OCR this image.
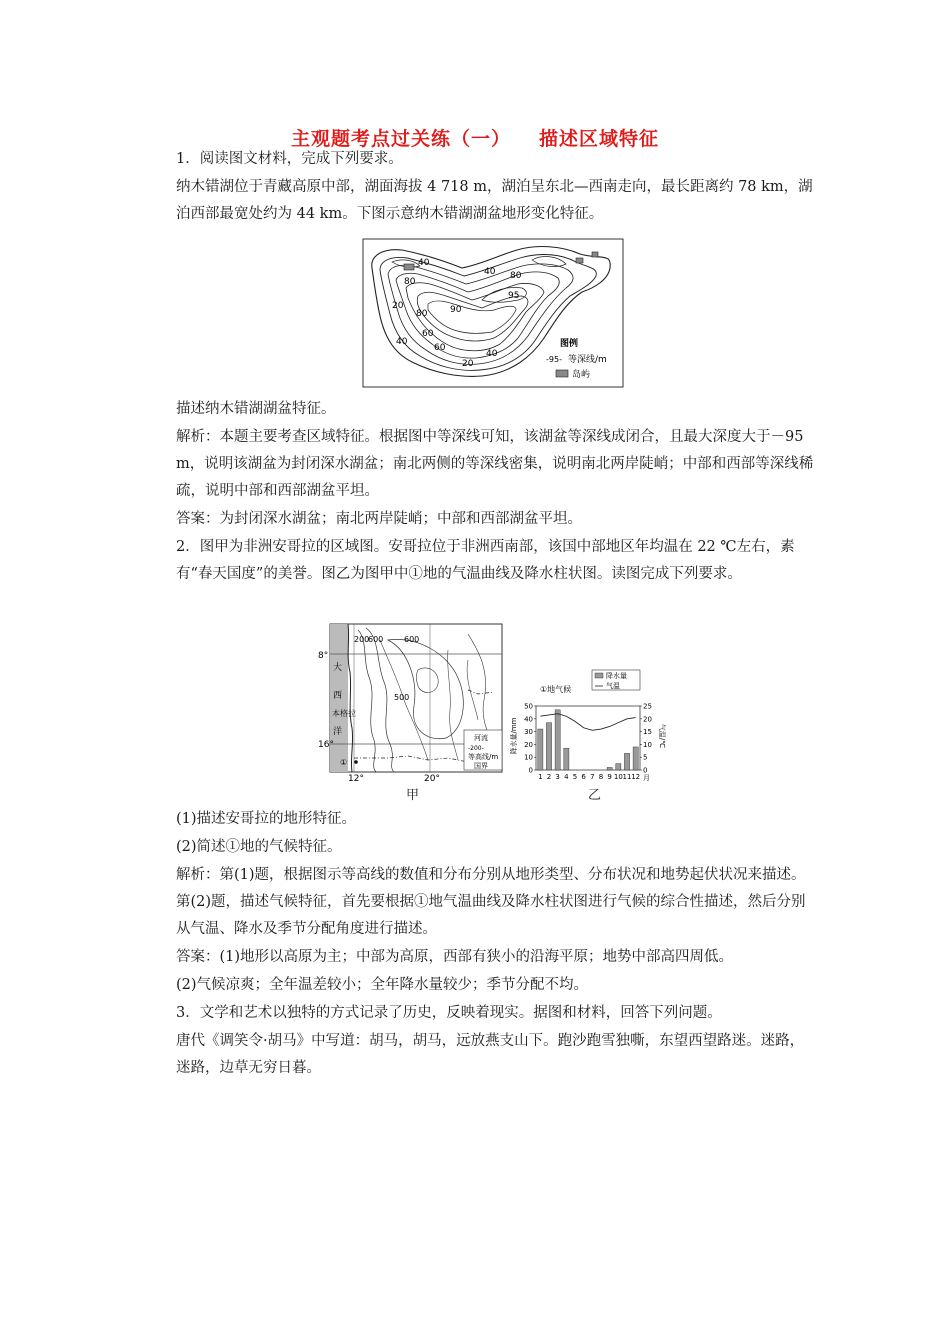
主观题考点过关练（一） 描述区域特征

1．阅读图文材料，完成下列要求。

纳木错湖位于青藏高原中部，湖面海拔 4 718 m，湖泊呈东北—西南走向，最长距离约 78 km，湖泊西部最宽处约为 44 km。下图示意纳木错湖湖盆地形变化特征。

40
80
40 80
90
95
60
20
40
80
60
20
40
图例
-95- 等深线/m
岛屿

描述纳木错湖湖盆特征。

解析：本题主要考查区域特征。根据图中等深线可知，该湖盆等深线成闭合，且最大深度大于－95 m，说明该湖盆为封闭深水湖盆；南北两侧的等深线密集，说明南北两岸陡峭；中部和西部等深线稀疏，说明中部和西部湖盆平坦。

答案：为封闭深水湖盆；南北两岸陡峭；中部和西部湖盆平坦。

2．图甲为非洲安哥拉的区域图。安哥拉位于非洲西南部，该国中部地区年均温在 22 ℃左右，素有“春天国度”的美誉。图乙为图甲中①地的气温曲线及降水柱状图。读图完成下列要求。

8°
16°
12°	20°
200
600	600
500
大
西
洋
本格拉
①
河流
-200-
等高线/m
国界
甲
①地气候
降水量
气温
降水量/mm	气温/℃
50
40
30
20
10
0
25
20
15
10
5
0
1 2 3 4 5 6 7 8 9 10 11 12 月
乙

(1)描述安哥拉的地形特征。

(2)简述①地的气候特征。

解析：第(1)题，根据图示等高线的数值和分布分别从地形类型、分布状况和地势起伏状况来描述。第(2)题，描述气候特征，首先要根据①地气温曲线及降水柱状图进行气候的综合性描述，然后分别从气温、降水及季节分配角度进行描述。

答案：(1)地形以高原为主；中部为高原，西部有狭小的沿海平原；地势中部高四周低。

(2)气候凉爽；全年温差较小；全年降水量较少；季节分配不均。

3．文学和艺术以独特的方式记录了历史，反映着现实。据图和材料，回答下列问题。

唐代《调笑令·胡马》中写道：胡马，胡马，远放燕支山下。跑沙跑雪独嘶，东望西望路迷。迷路，迷路，边草无穷日暮。
